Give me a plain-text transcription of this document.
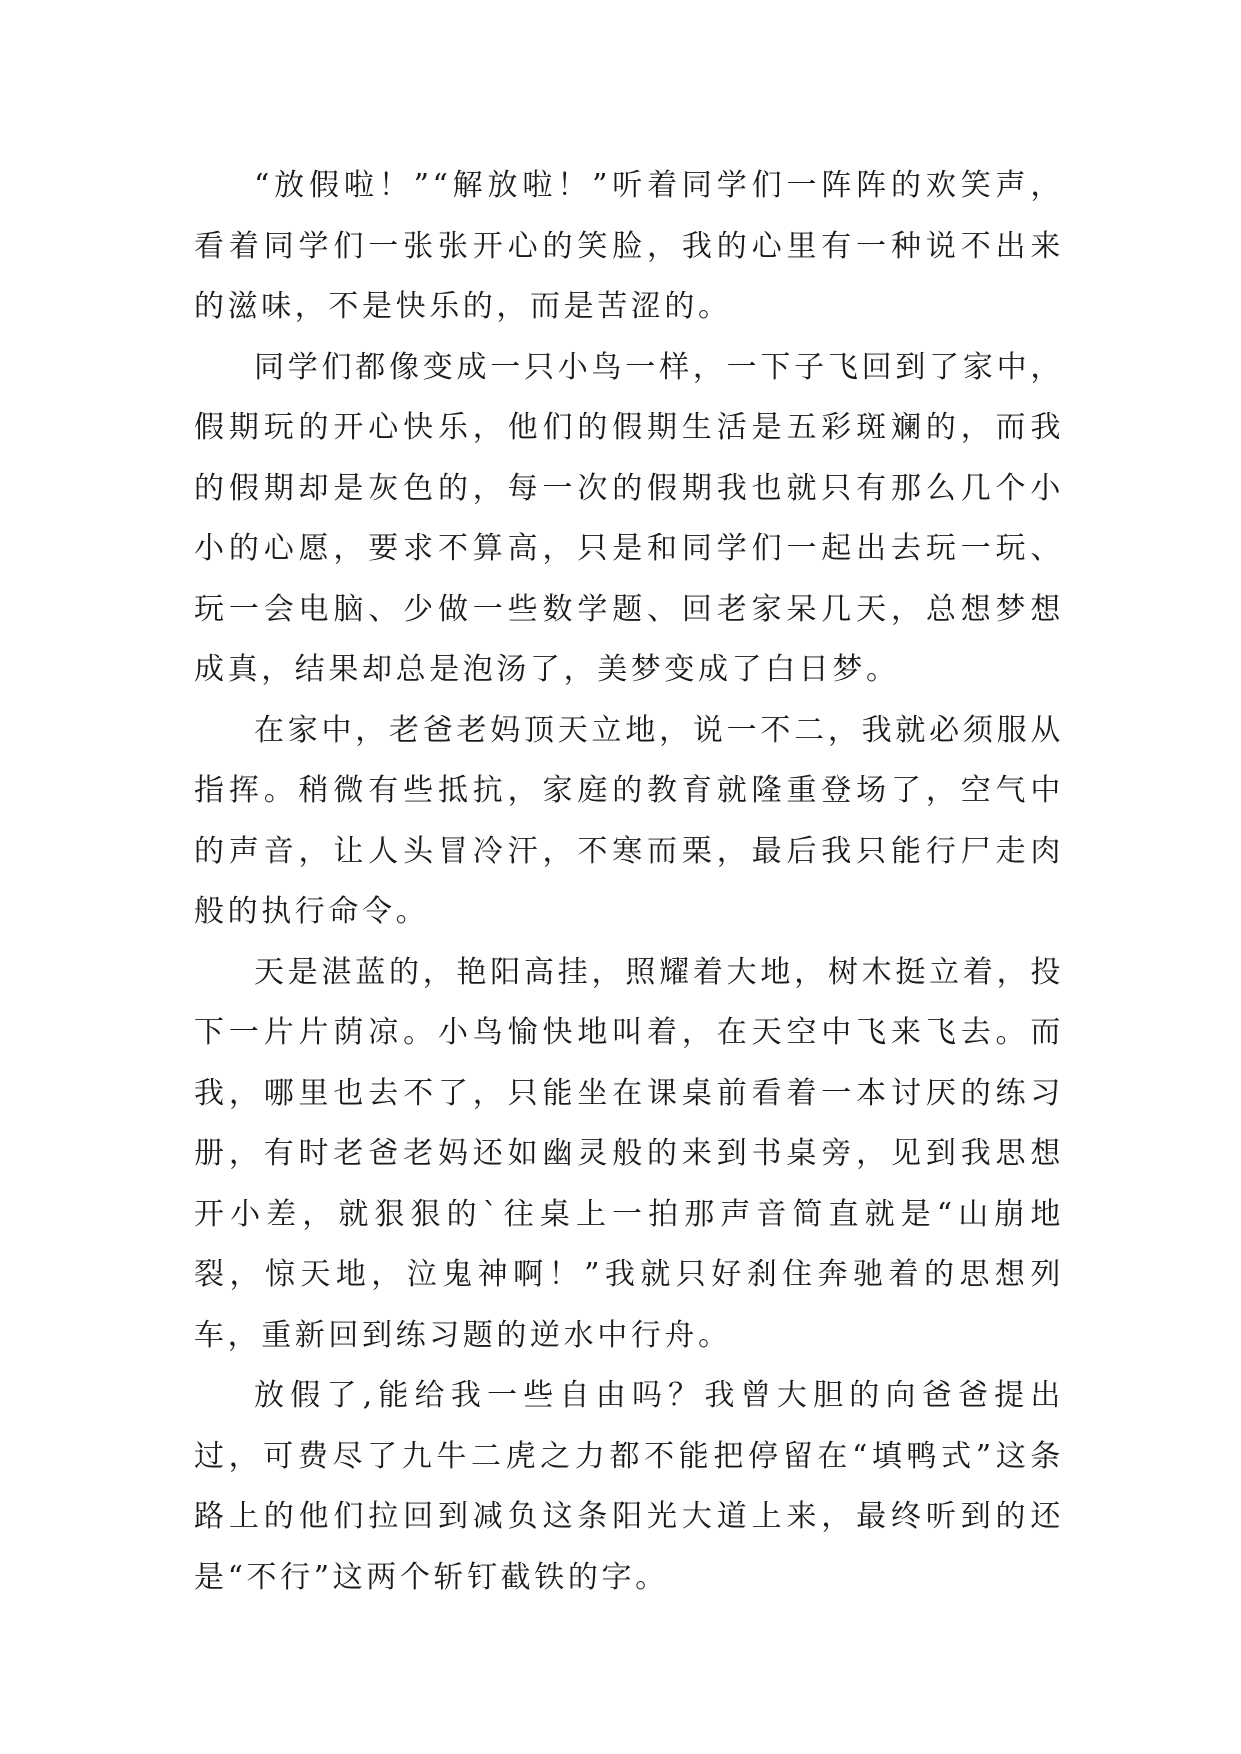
“放假啦！”“解放啦！”听着同学们一阵阵的欢笑声，看着同学们一张张开心的笑脸，我的心里有一种说不出来的滋味，不是快乐的，而是苦涩的。

同学们都像变成一只小鸟一样，一下子飞回到了家中，假期玩的开心快乐，他们的假期生活是五彩斑斓的，而我的假期却是灰色的，每一次的假期我也就只有那么几个小小的心愿，要求不算高，只是和同学们一起出去玩一玩、玩一会电脑、少做一些数学题、回老家呆几天，总想梦想成真，结果却总是泡汤了，美梦变成了白日梦。

在家中，老爸老妈顶天立地，说一不二，我就必须服从指挥。稍微有些抵抗，家庭的教育就隆重登场了，空气中的声音，让人头冒冷汗，不寒而栗，最后我只能行尸走肉般的执行命令。

天是湛蓝的，艳阳高挂，照耀着大地，树木挺立着，投下一片片荫凉。小鸟愉快地叫着，在天空中飞来飞去。而我，哪里也去不了，只能坐在课桌前看着一本讨厌的练习册，有时老爸老妈还如幽灵般的来到书桌旁，见到我思想开小差，就狠狠的`往桌上一拍那声音简直就是“山崩地裂，惊天地，泣鬼神啊！”我就只好刹住奔驰着的思想列车，重新回到练习题的逆水中行舟。

放假了,能给我一些自由吗？我曾大胆的向爸爸提出过，可费尽了九牛二虎之力都不能把停留在“填鸭式”这条路上的他们拉回到减负这条阳光大道上来，最终听到的还是“不行”这两个斩钉截铁的字。
